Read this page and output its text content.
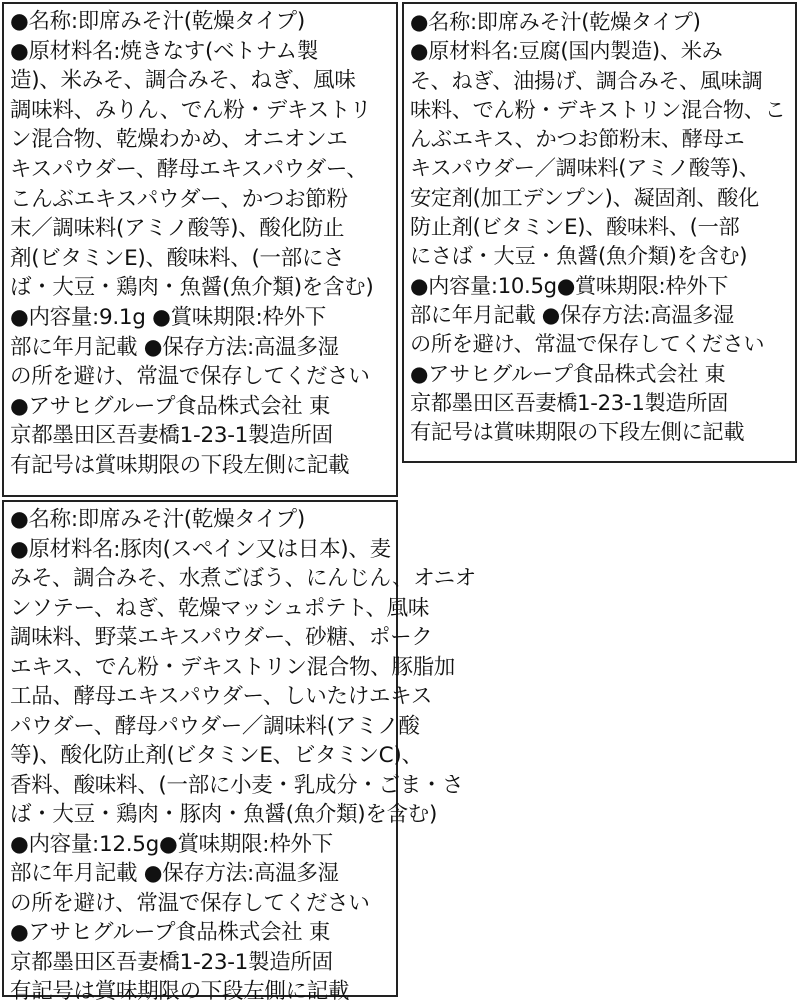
●名称:即席みそ汁(乾燥タイプ)
●原材料名:焼きなす(ベトナム製
造)、米みそ、調合みそ、ねぎ、風味
調味料、みりん、でん粉・デキストリ
ン混合物、乾燥わかめ、オニオンエ
キスパウダー、酵母エキスパウダー、
こんぶエキスパウダー、かつお節粉
末／調味料(アミノ酸等)、酸化防止
剤(ビタミンE)、酸味料、(一部にさ
ば・大豆・鶏肉・魚醤(魚介類)を含む)
●内容量:9.1g ●賞味期限:枠外下
部に年月記載 ●保存方法:高温多湿
の所を避け、常温で保存してください
●アサヒグループ食品株式会社 東
京都墨田区吾妻橋1-23-1製造所固
有記号は賞味期限の下段左側に記載

●名称:即席みそ汁(乾燥タイプ)
●原材料名:豆腐(国内製造)、米み
そ、ねぎ、油揚げ、調合みそ、風味調
味料、でん粉・デキストリン混合物、こ
んぶエキス、かつお節粉末、酵母エ
キスパウダー／調味料(アミノ酸等)、
安定剤(加工デンプン)、凝固剤、酸化
防止剤(ビタミンE)、酸味料、(一部
にさば・大豆・魚醤(魚介類)を含む)
●内容量:10.5g●賞味期限:枠外下
部に年月記載 ●保存方法:高温多湿
の所を避け、常温で保存してください
●アサヒグループ食品株式会社 東
京都墨田区吾妻橋1-23-1製造所固
有記号は賞味期限の下段左側に記載

●名称:即席みそ汁(乾燥タイプ)
●原材料名:豚肉(スペイン又は日本)、麦
みそ、調合みそ、水煮ごぼう、にんじん、オニオ
ンソテー、ねぎ、乾燥マッシュポテト、風味
調味料、野菜エキスパウダー、砂糖、ポーク
エキス、でん粉・デキストリン混合物、豚脂加
工品、酵母エキスパウダー、しいたけエキス
パウダー、酵母パウダー／調味料(アミノ酸
等)、酸化防止剤(ビタミンE、ビタミンC)、
香料、酸味料、(一部に小麦・乳成分・ごま・さ
ば・大豆・鶏肉・豚肉・魚醤(魚介類)を含む)
●内容量:12.5g●賞味期限:枠外下
部に年月記載 ●保存方法:高温多湿
の所を避け、常温で保存してください
●アサヒグループ食品株式会社 東
京都墨田区吾妻橋1-23-1製造所固
有記号は賞味期限の下段左側に記載
